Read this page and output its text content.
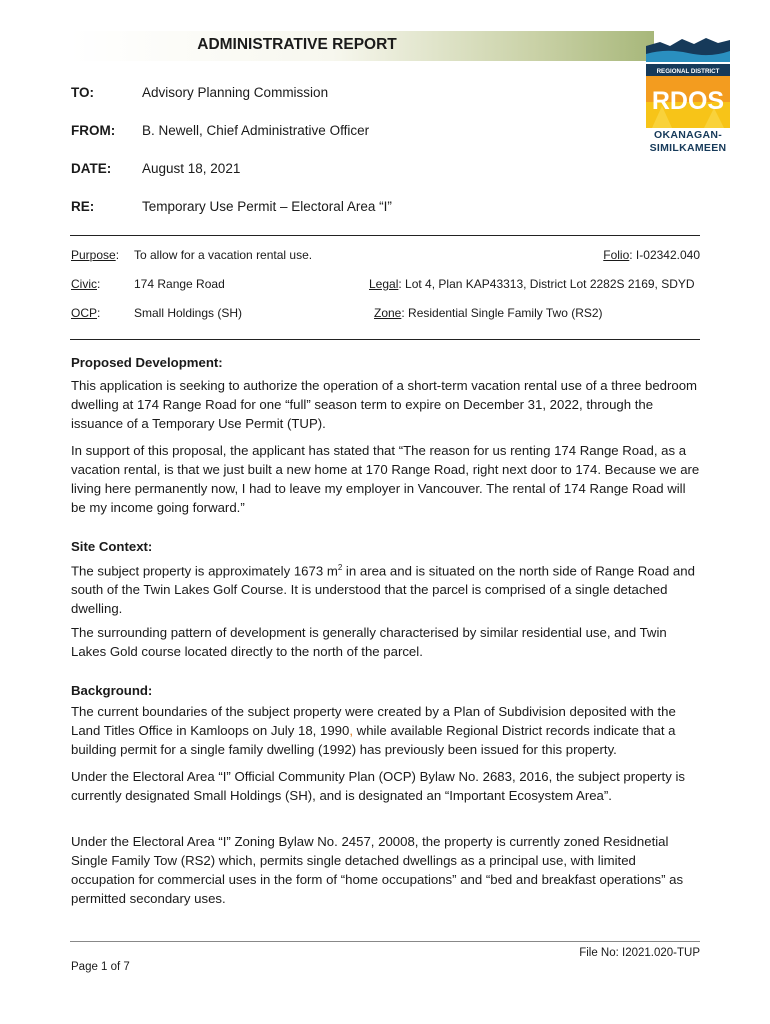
ADMINISTRATIVE REPORT
TO:	Advisory Planning Commission
FROM: B. Newell, Chief Administrative Officer
DATE: August 18, 2021
RE:	Temporary Use Permit – Electoral Area “I”
REGIONAL DISTRICT
RDOS
OKANAGAN-
SIMILKAMEEN
Purpose: To allow for a vacation rental use.	Folio: I-02342.040
Civic:	174 Range Road	Legal: Lot 4, Plan KAP43313, District Lot 2282S 2169, SDYD
OCP:	Small Holdings (SH)	Zone: Residential Single Family Two (RS2)
Proposed Development:
This application is seeking to authorize the operation of a short-term vacation rental use of a three bedroom dwelling at 174 Range Road for one “full” season term to expire on December 31, 2022, through the issuance of a Temporary Use Permit (TUP).
In support of this proposal, the applicant has stated that “The reason for us renting 174 Range Road, as a vacation rental, is that we just built a new home at 170 Range Road, right next door to 174. Because we are living here permanently now, I had to leave my employer in Vancouver. The rental of 174 Range Road will be my income going forward.”
Site Context:
The subject property is approximately 1673 $m^2$ in area and is situated on the north side of Range Road and south of the Twin Lakes Golf Course. It is understood that the parcel is comprised of a single detached dwelling.
The surrounding pattern of development is generally characterised by similar residential use, and Twin Lakes Gold course located directly to the north of the parcel.
Background:
The current boundaries of the subject property were created by a Plan of Subdivision deposited with the Land Titles Office in Kamloops on July 18, 1990, while available Regional District records indicate that a building permit for a single family dwelling (1992) has previously been issued for this property.
Under the Electoral Area “I” Official Community Plan (OCP) Bylaw No. 2683, 2016, the subject property is currently designated Small Holdings (SH), and is designated an “Important Ecosystem Area”.
Under the Electoral Area “I” Zoning Bylaw No. 2457, 20008, the property is currently zoned Residnetial Single Family Tow (RS2) which, permits single detached dwellings as a principal use, with limited occupation for commercial uses in the form of “home occupations” and “bed and breakfast operations” as permitted secondary uses.
File No: I2021.020-TUP
Page 1 of 7
